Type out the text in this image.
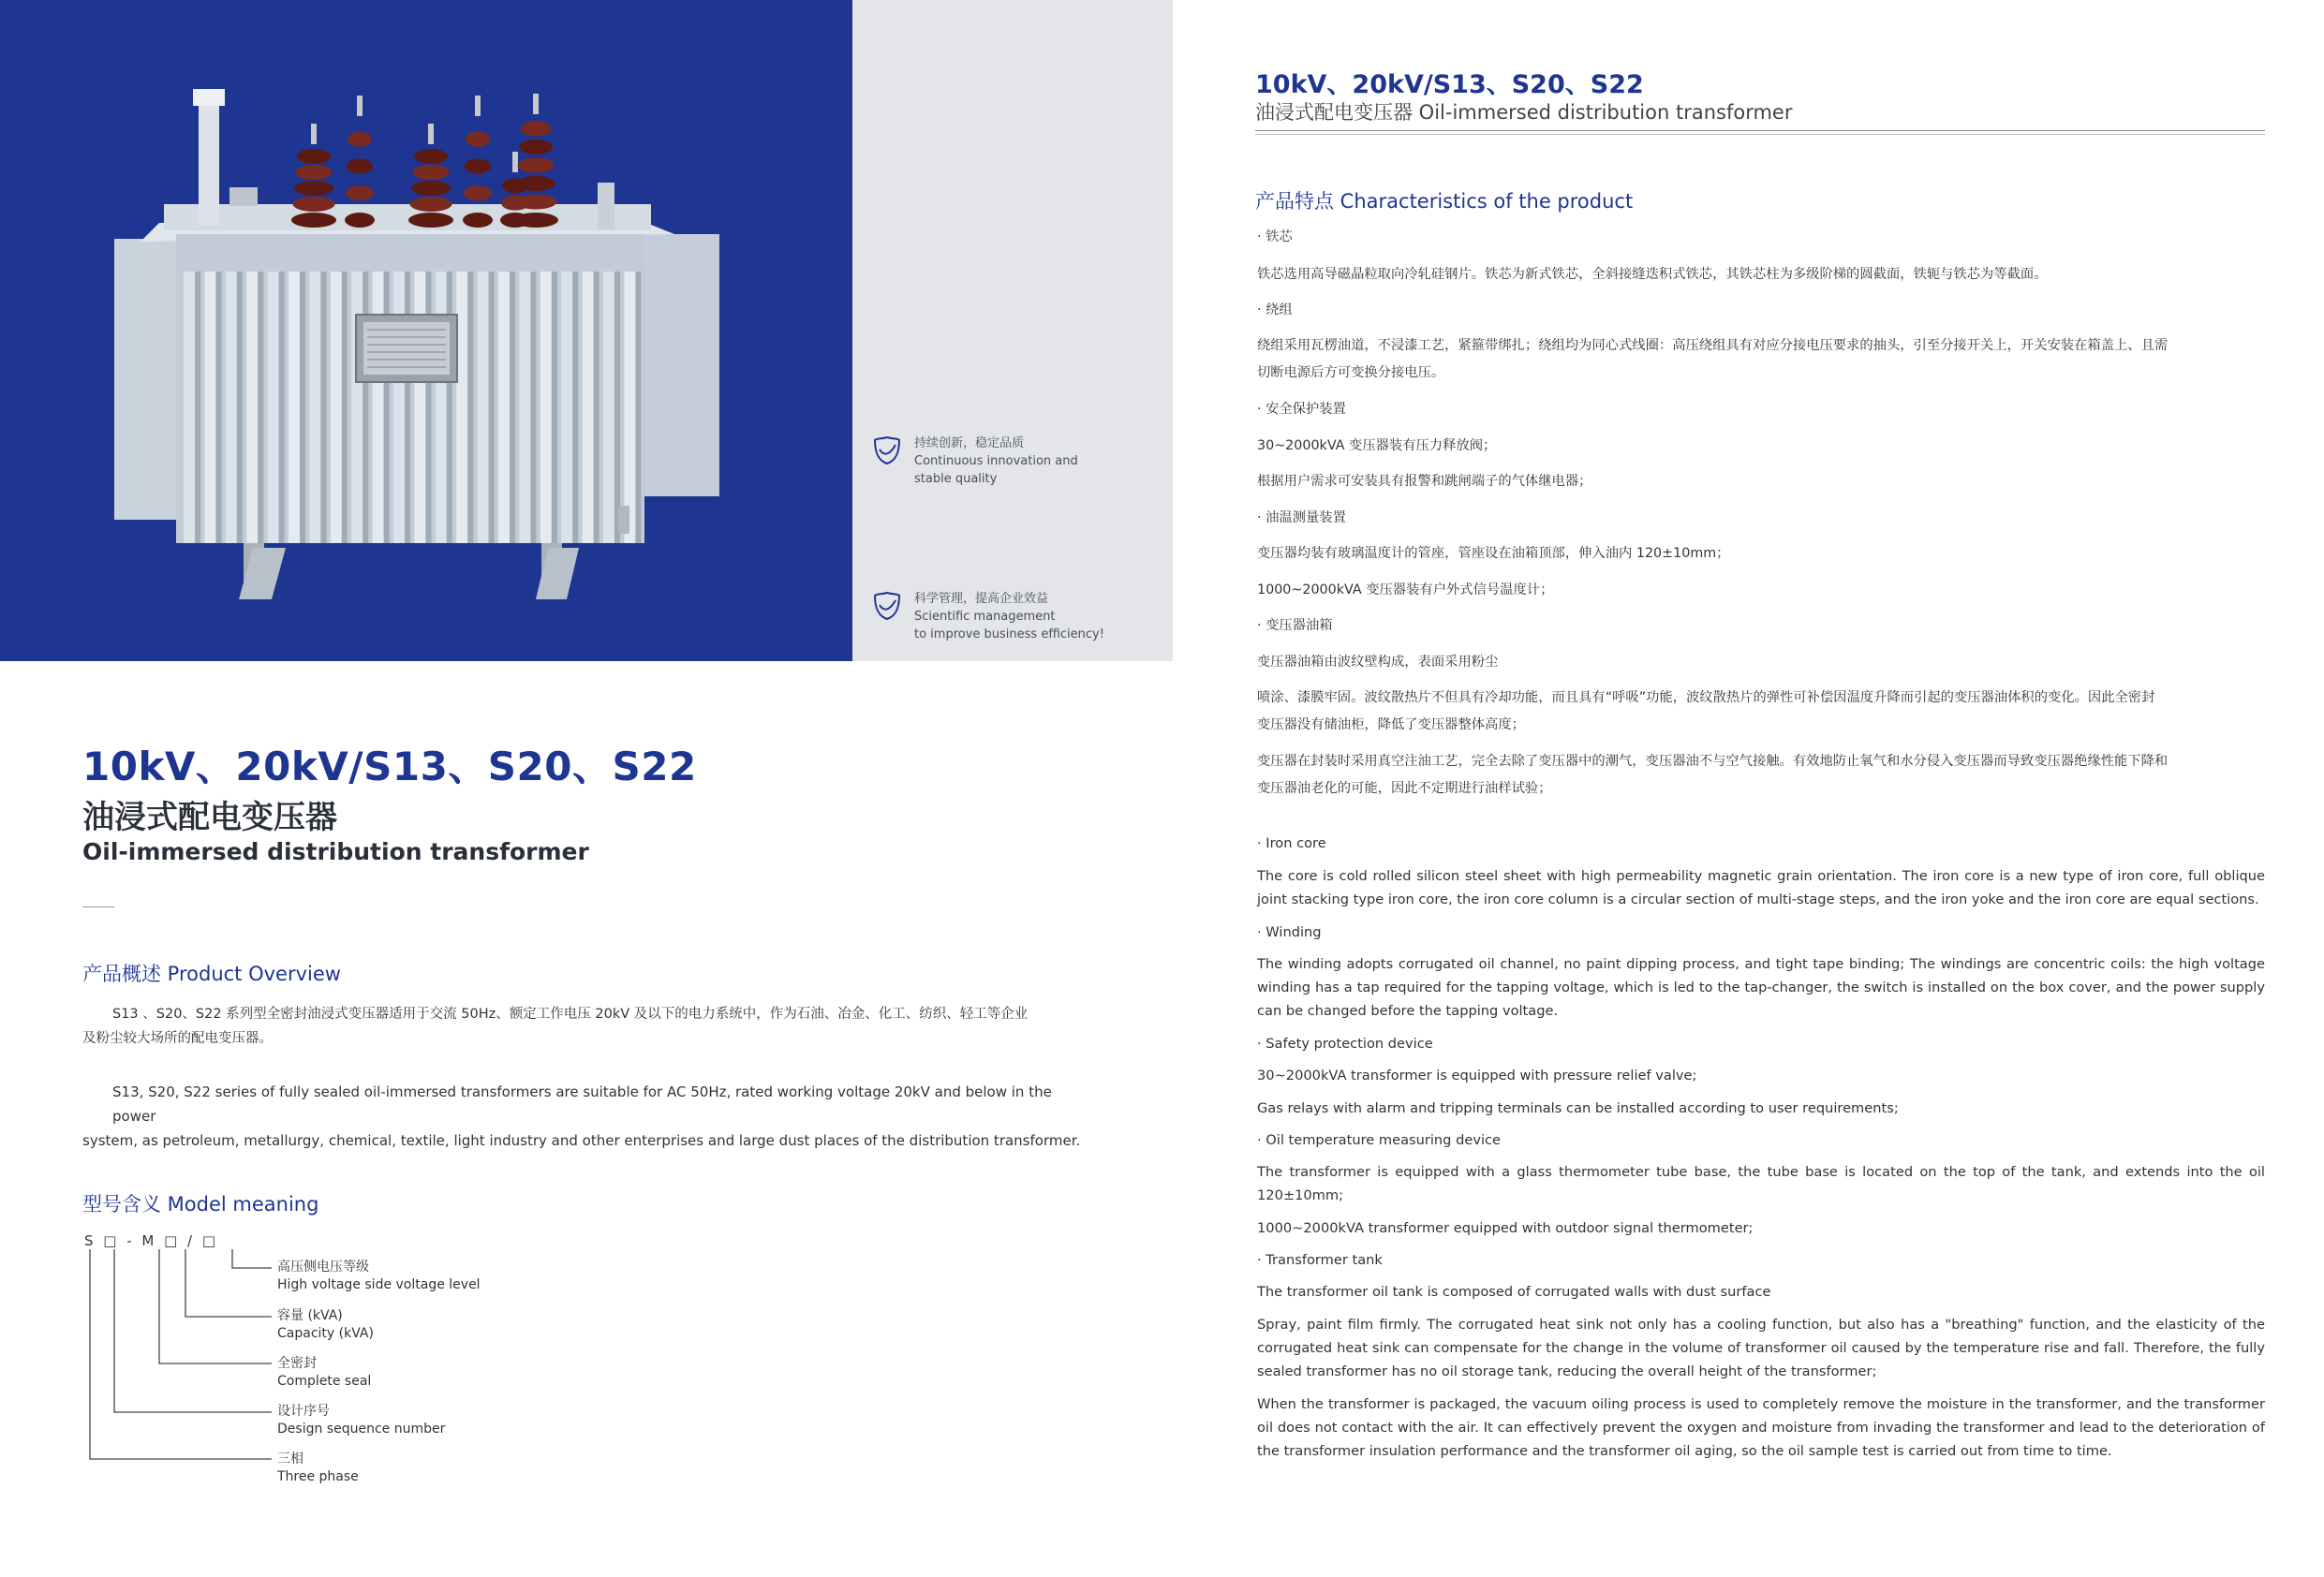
持续创新，稳定品质
Continuous innovation and
stable quality
科学管理，提高企业效益
Scientific management
to improve business efficiency!
10kV、20kV/S13、S20、S22
油浸式配电变压器
Oil-immersed distribution transformer
产品概述 Product Overview
S13 、S20、S22 系列型全密封油浸式变压器适用于交流 50Hz、额定工作电压 20kV 及以下的电力系统中，作为石油、冶金、化工、纺织、轻工等企业
及粉尘较大场所的配电变压器。
S13, S20, S22 series of fully sealed oil-immersed transformers are suitable for AC 50Hz, rated working voltage 20kV and below in the power
system, as petroleum, metallurgy, chemical, textile, light industry and other enterprises and large dust places of the distribution transformer.
型号含义 Model meaning
S □ - M □ / □
高压侧电压等级
High voltage side voltage level
容量 (kVA)
Capacity (kVA)
全密封
Complete seal
设计序号
Design sequence number
三相
Three phase
10kV、20kV/S13、S20、S22
油浸式配电变压器 Oil-immersed distribution transformer
产品特点 Characteristics of the product
· 铁芯
铁芯选用高导磁晶粒取向冷轧硅钢片。铁芯为新式铁芯，全斜接缝迭积式铁芯，其铁芯柱为多级阶梯的圆截面，铁轭与铁芯为等截面。
· 绕组
绕组采用瓦楞油道，不浸漆工艺，紧箍带绑扎；绕组均为同心式线圈：高压绕组具有对应分接电压要求的抽头，引至分接开关上，开关安装在箱盖上、且需
切断电源后方可变换分接电压。
· 安全保护装置
30~2000kVA 变压器装有压力释放阀；
根据用户需求可安装具有报警和跳闸端子的气体继电器；
· 油温测量装置
变压器均装有玻璃温度计的管座，管座设在油箱顶部，伸入油内 120±10mm；
1000~2000kVA 变压器装有户外式信号温度计；
· 变压器油箱
变压器油箱由波纹壁构成，表面采用粉尘
喷涂、漆膜牢固。波纹散热片不但具有冷却功能，而且具有“呼吸”功能，波纹散热片的弹性可补偿因温度升降而引起的变压器油体积的变化。因此全密封
变压器没有储油柜，降低了变压器整体高度；
变压器在封装时采用真空注油工艺，完全去除了变压器中的潮气，变压器油不与空气接触。有效地防止氧气和水分侵入变压器而导致变压器绝缘性能下降和
变压器油老化的可能，因此不定期进行油样试验；
· Iron core
The core is cold rolled silicon steel sheet with high permeability magnetic grain orientation. The iron core is a new type of iron core, full oblique joint stacking type iron core, the iron core column is a circular section of multi-stage steps, and the iron yoke and the iron core are equal sections.
· Winding
The winding adopts corrugated oil channel, no paint dipping process, and tight tape binding; The windings are concentric coils: the high voltage winding has a tap required for the tapping voltage, which is led to the tap-changer, the switch is installed on the box cover, and the power supply can be changed before the tapping voltage.
· Safety protection device
30~2000kVA transformer is equipped with pressure relief valve;
Gas relays with alarm and tripping terminals can be installed according to user requirements;
· Oil temperature measuring device
The transformer is equipped with a glass thermometer tube base, the tube base is located on the top of the tank, and extends into the oil 120±10mm;
1000~2000kVA transformer equipped with outdoor signal thermometer;
· Transformer tank
The transformer oil tank is composed of corrugated walls with dust surface
Spray, paint film firmly. The corrugated heat sink not only has a cooling function, but also has a "breathing" function, and the elasticity of the corrugated heat sink can compensate for the change in the volume of transformer oil caused by the temperature rise and fall. Therefore, the fully sealed transformer has no oil storage tank, reducing the overall height of the transformer;
When the transformer is packaged, the vacuum oiling process is used to completely remove the moisture in the transformer, and the transformer oil does not contact with the air. It can effectively prevent the oxygen and moisture from invading the transformer and lead to the deterioration of the transformer insulation performance and the transformer oil aging, so the oil sample test is carried out from time to time.
